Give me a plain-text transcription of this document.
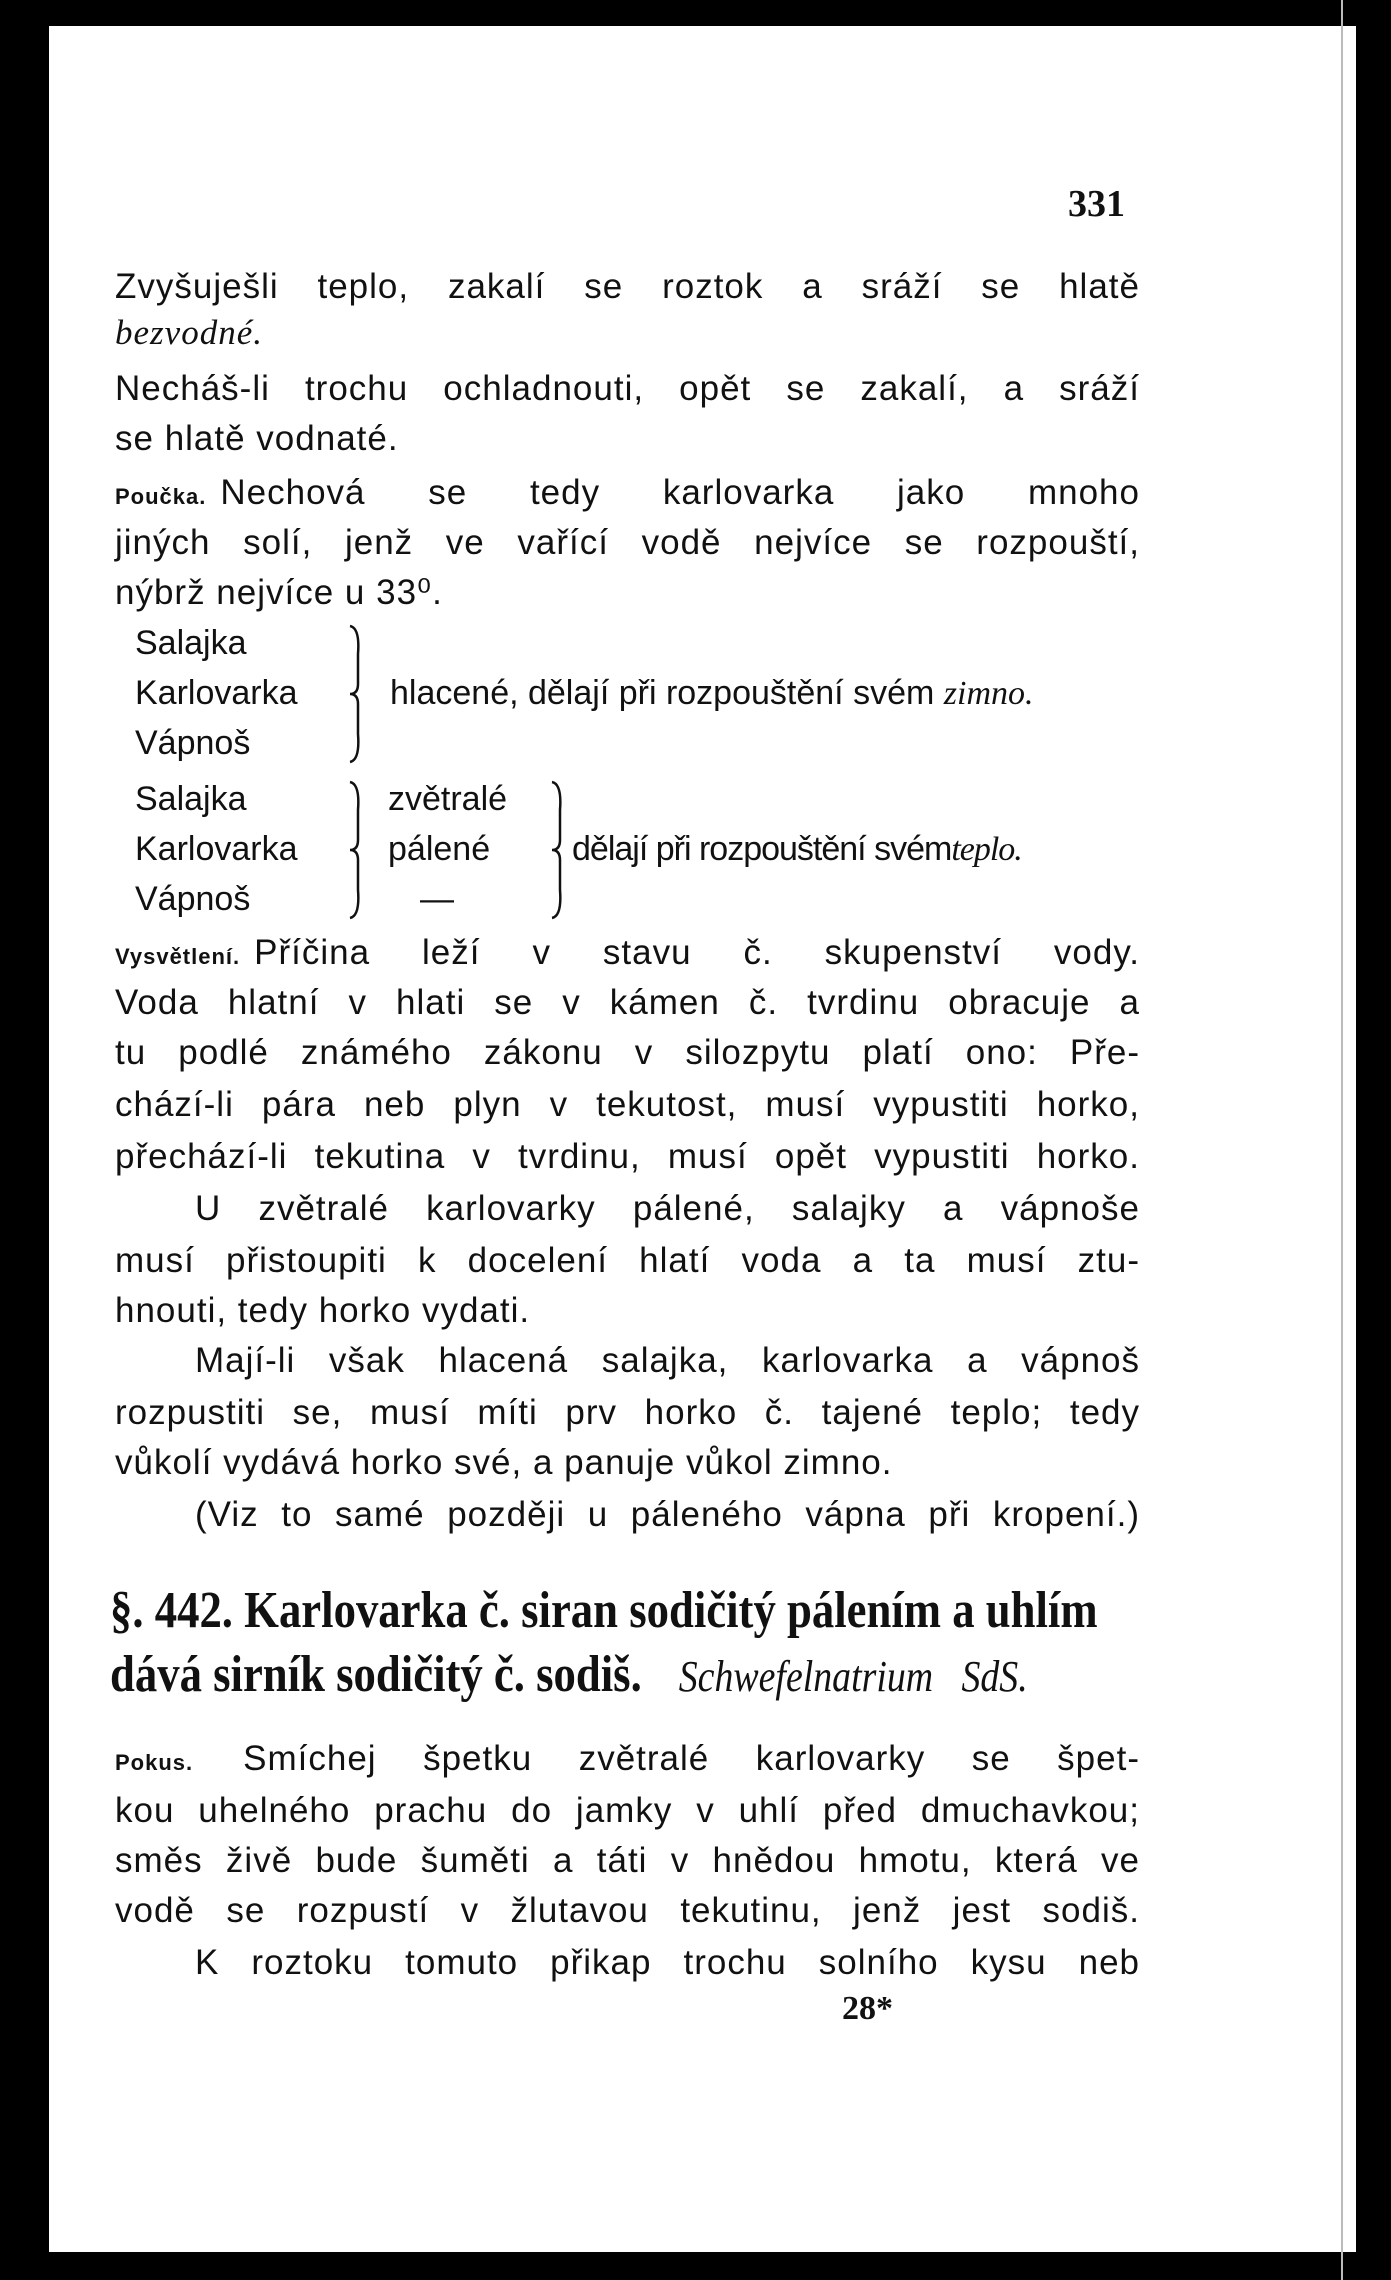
331
Zvyšuješli teplo, zakalí se roztok a sráží se hlatě
bezvodné.
Necháš-li trochu ochladnouti, opět se zakalí, a sráží
se hlatě vodnaté.
Poučka. Nechová se tedy karlovarka jako mnoho
jiných solí, jenž ve vařící vodě nejvíce se rozpouští,
nýbrž nejvíce u 33⁰.
Salajka
Karlovarka
Vápnoš
hlacené, dělají při rozpouštění svém zimno.
Salajka
Karlovarka
Vápnoš
zvětralé
pálené
—
dělají při rozpouštění svémteplo.
Vysvětlení. Příčina leží v stavu č. skupenství vody.
Voda hlatní v hlati se v kámen č. tvrdinu obracuje a
tu podlé známého zákonu v silozpytu platí ono: Pře-
chází-li pára neb plyn v tekutost, musí vypustiti horko,
přechází-li tekutina v tvrdinu, musí opět vypustiti horko.
U zvětralé karlovarky pálené, salajky a vápnoše
musí přistoupiti k docelení hlatí voda a ta musí ztu-
hnouti, tedy horko vydati.
Mají-li však hlacená salajka, karlovarka a vápnoš
rozpustiti se, musí míti prv horko č. tajené teplo; tedy
vůkolí vydává horko své, a panuje vůkol zimno.
(Viz to samé později u páleného vápna při kropení.)
§. 442. Karlovarka č. siran sodičitý pálením a uhlím
dává sirník sodičitý č. sodiš. Schwefelnatrium SdS.
Pokus. Smíchej špetku zvětralé karlovarky se špet-
kou uhelného prachu do jamky v uhlí před dmuchavkou;
směs živě bude šuměti a táti v hnědou hmotu, která ve
vodě se rozpustí v žlutavou tekutinu, jenž jest sodiš.
K roztoku tomuto přikap trochu solního kysu neb
28*
